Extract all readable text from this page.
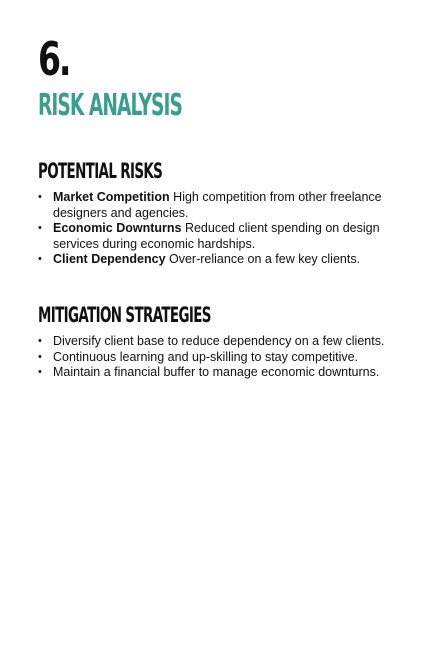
6.
RISK ANALYSIS
POTENTIAL RISKS
• Market Competition High competition from other freelance designers and agencies.
• Economic Downturns Reduced client spending on design services during economic hardships.
• Client Dependency Over-reliance on a few key clients.
MITIGATION STRATEGIES
• Diversify client base to reduce dependency on a few clients.
• Continuous learning and up-skilling to stay competitive.
• Maintain a financial buffer to manage economic downturns.
